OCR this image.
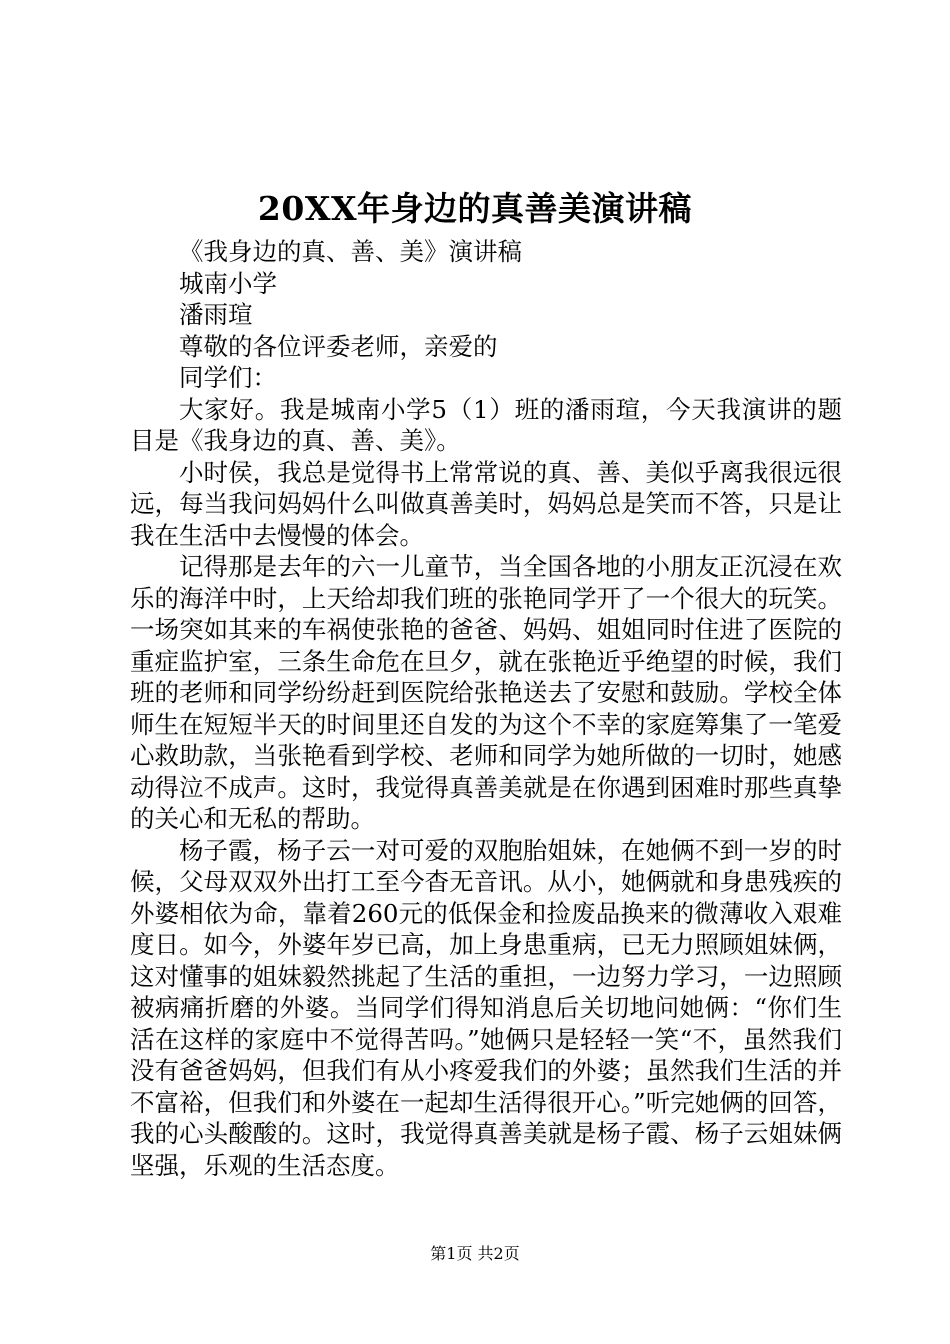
20XX年身边的真善美演讲稿

《我身边的真、善、美》演讲稿

城南小学

潘雨瑄

尊敬的各位评委老师，亲爱的

同学们：

大家好。我是城南小学5（1）班的潘雨瑄，今天我演讲的题目是《我身边的真、善、美》。

小时侯，我总是觉得书上常常说的真、善、美似乎离我很远很远，每当我问妈妈什么叫做真善美时，妈妈总是笑而不答，只是让我在生活中去慢慢的体会。

记得那是去年的六一儿童节，当全国各地的小朋友正沉浸在欢乐的海洋中时，上天给却我们班的张艳同学开了一个很大的玩笑。一场突如其来的车祸使张艳的爸爸、妈妈、姐姐同时住进了医院的重症监护室，三条生命危在旦夕，就在张艳近乎绝望的时候，我们班的老师和同学纷纷赶到医院给张艳送去了安慰和鼓励。学校全体师生在短短半天的时间里还自发的为这个不幸的家庭筹集了一笔爱心救助款，当张艳看到学校、老师和同学为她所做的一切时，她感动得泣不成声。这时，我觉得真善美就是在你遇到困难时那些真挚的关心和无私的帮助。

杨子霞，杨子云一对可爱的双胞胎姐妹，在她俩不到一岁的时候，父母双双外出打工至今杳无音讯。从小，她俩就和身患残疾的外婆相依为命，靠着260元的低保金和捡废品换来的微薄收入艰难度日。如今，外婆年岁已高，加上身患重病，已无力照顾姐妹俩，这对懂事的姐妹毅然挑起了生活的重担，一边努力学习，一边照顾被病痛折磨的外婆。当同学们得知消息后关切地问她俩：“你们生活在这样的家庭中不觉得苦吗。”她俩只是轻轻一笑“不，虽然我们没有爸爸妈妈，但我们有从小疼爱我们的外婆；虽然我们生活的并不富裕，但我们和外婆在一起却生活得很开心。”听完她俩的回答，我的心头酸酸的。这时，我觉得真善美就是杨子霞、杨子云姐妹俩坚强，乐观的生活态度。

第1页 共2页
